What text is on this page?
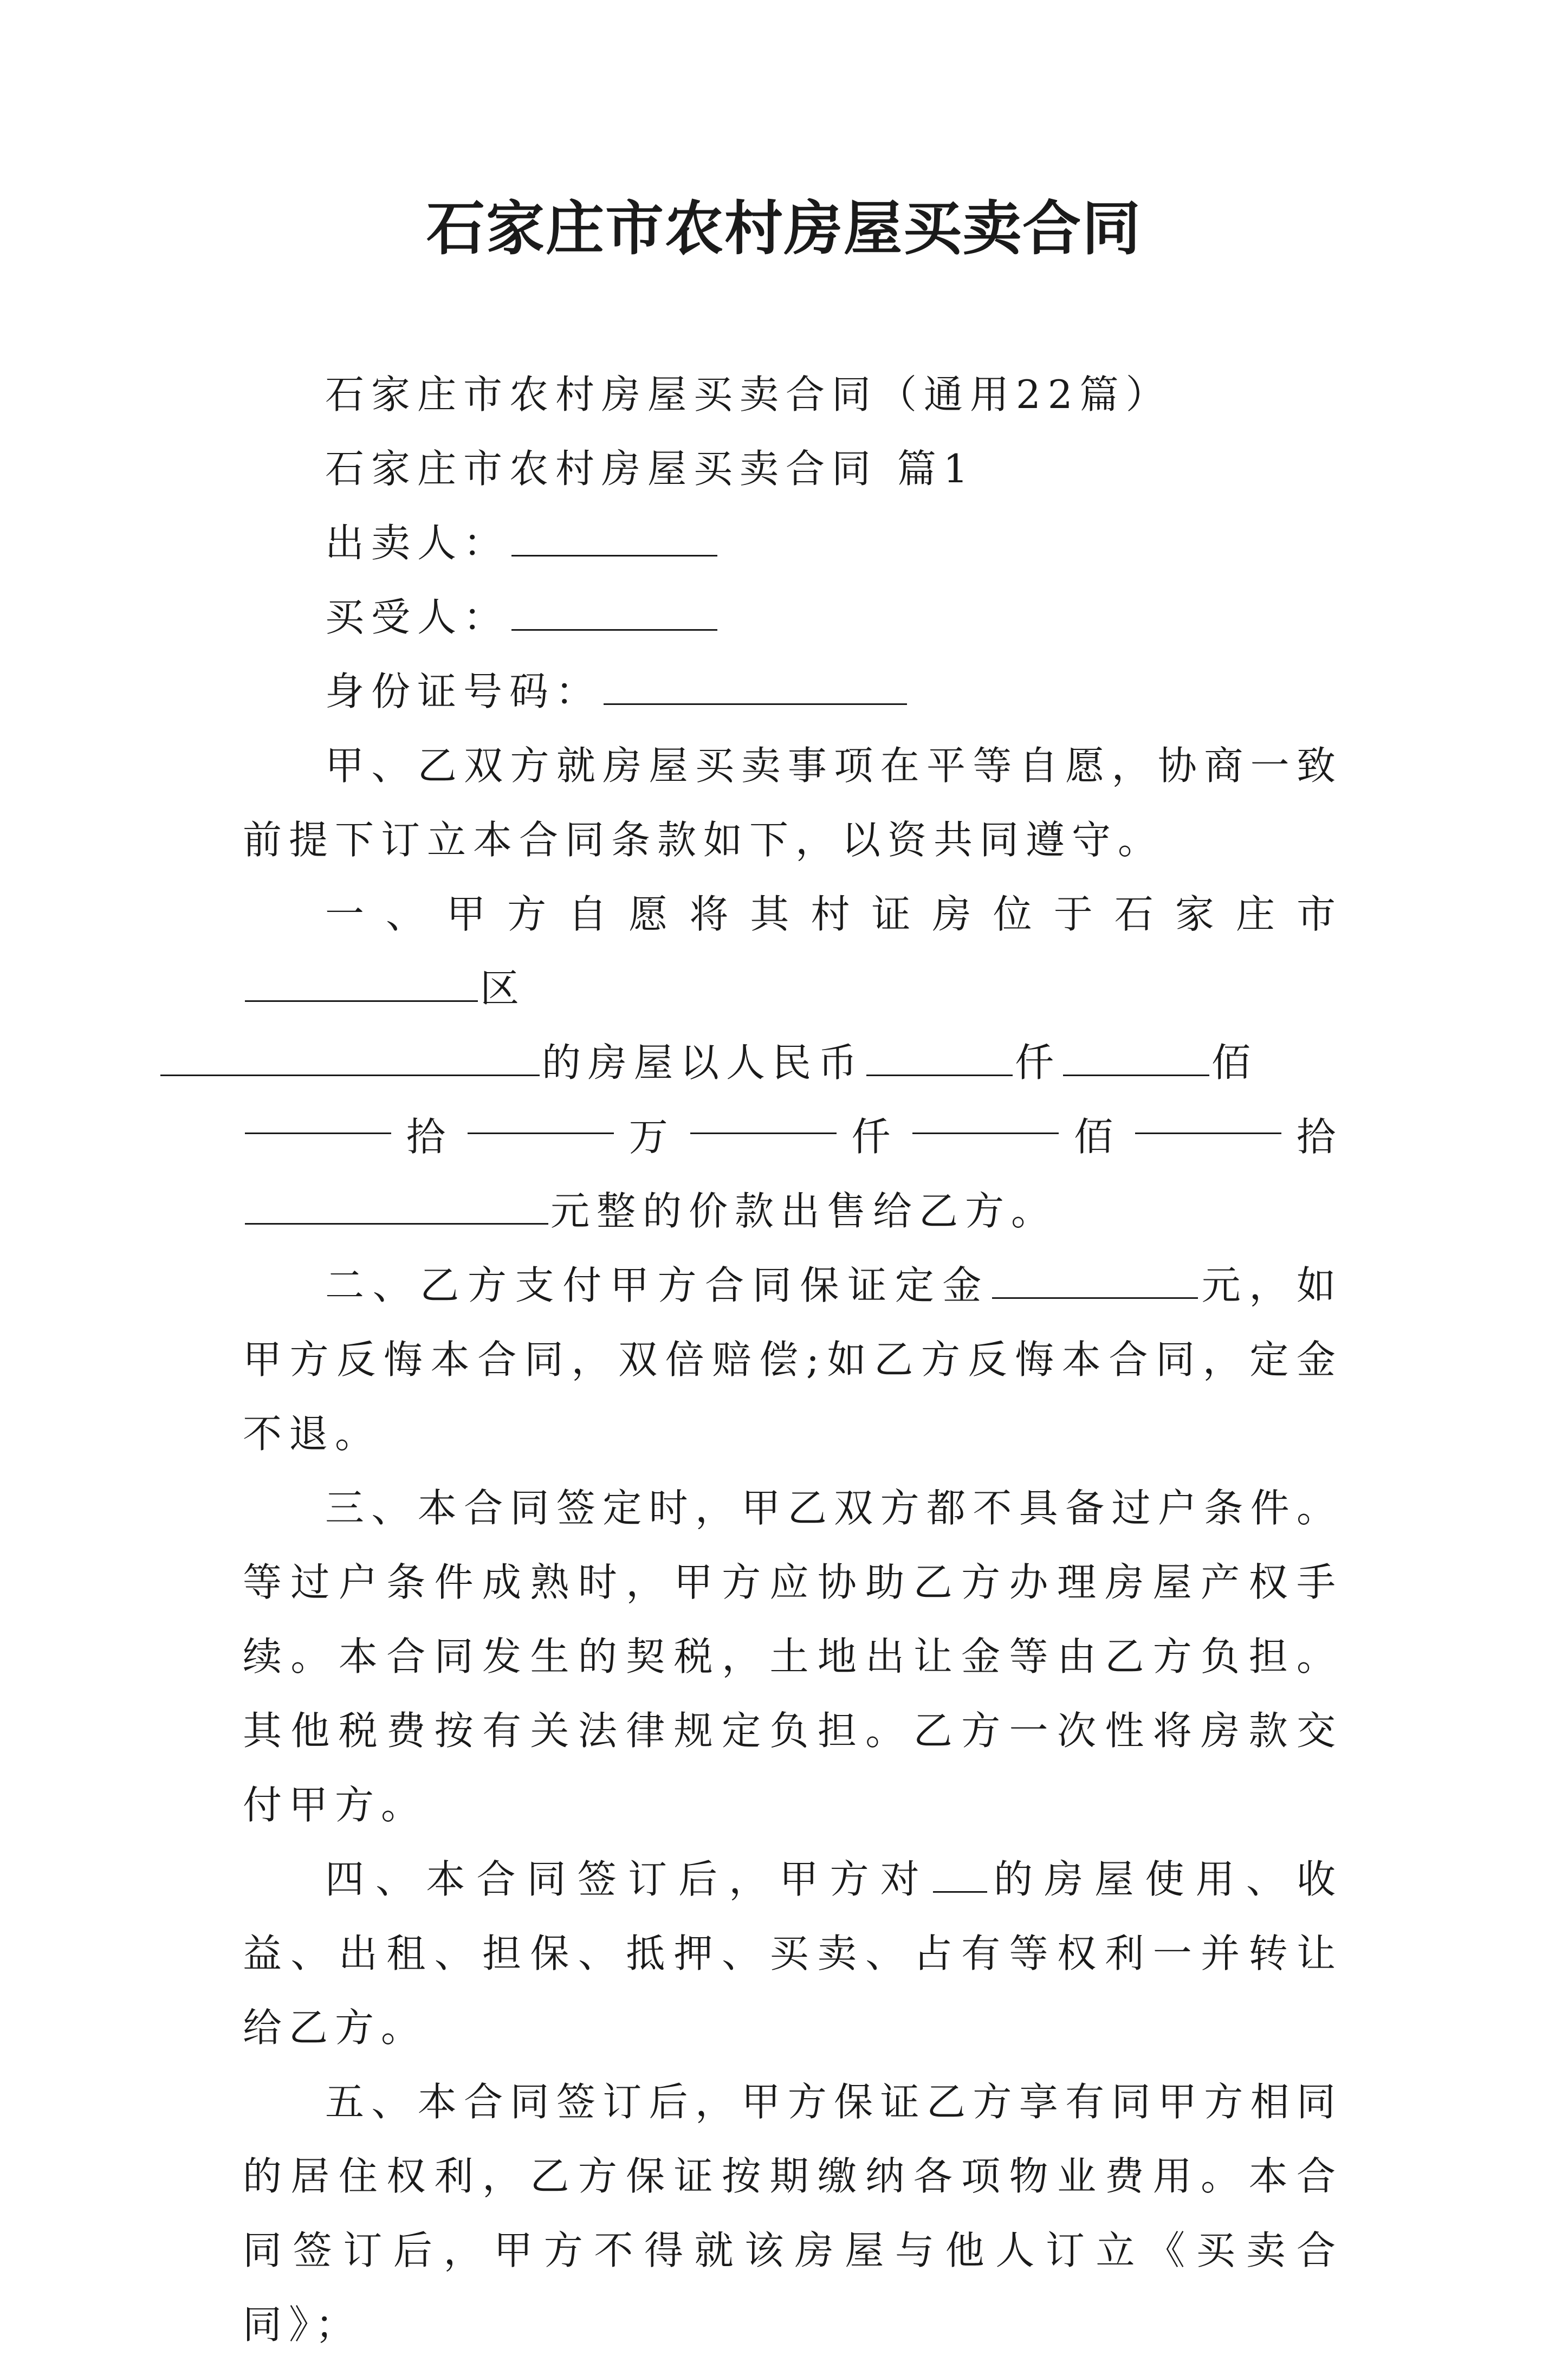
石家庄市农村房屋买卖合同

石家庄市农村房屋买卖合同（通用22篇）

石家庄市农村房屋买卖合同 篇1

出卖人：

买受人：

身份证号码：

甲、乙双方就房屋买卖事项在平等自愿，协商一致前提下订立本合同条款如下，以资共同遵守。

一、甲方自愿将其村证房位于石家庄市区
的房屋以人民币	仟	佰

拾	万	仟	佰	拾

元整的价款出售给乙方。

二、乙方支付甲方合同保证定金	元，如甲方反悔本合同，双倍赔偿;如乙方反悔本合同，定金不退。

三、本合同签定时，甲乙双方都不具备过户条件。等过户条件成熟时，甲方应协助乙方办理房屋产权手续。本合同发生的契税，土地出让金等由乙方负担。其他税费按有关法律规定负担。乙方一次性将房款交付甲方。

四、本合同签订后，甲方对 的房屋使用、收益、出租、担保、抵押、买卖、占有等权利一并转让给乙方。

五、本合同签订后，甲方保证乙方享有同甲方相同的居住权利，乙方保证按期缴纳各项物业费用。本合同签订后，甲方不得就该房屋与他人订立《买卖合同》；
